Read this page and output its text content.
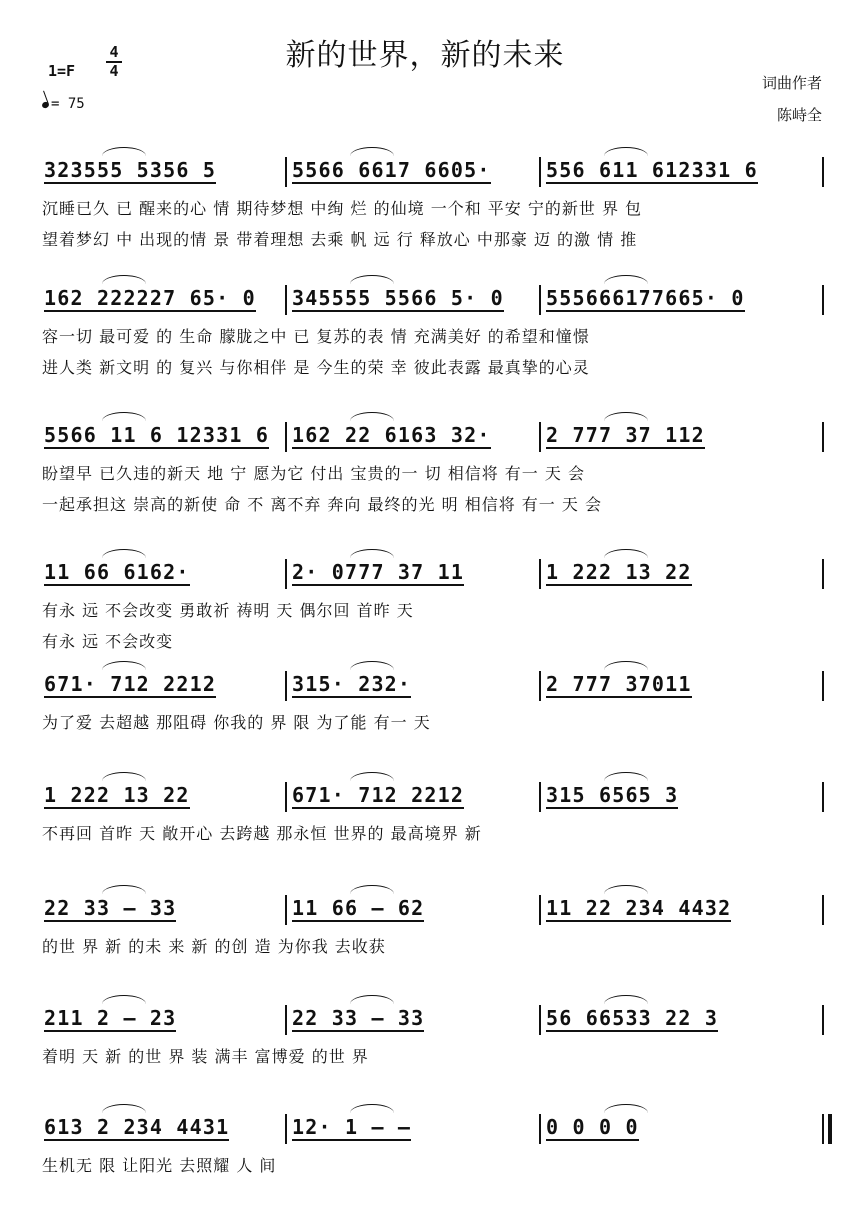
新的世界，新的未来
1=F
4
4
= 75
词曲作者
陈峙全
323555 5356 5	5566 6617 6605·	556 611 612331 6
沉睡已久 已 醒来的心 情 期待梦想 中绚 烂 的仙境 一个和 平安 宁的新世 界 包
望着梦幻 中 出现的情 景 带着理想 去乘 帆 远 行 释放心 中那豪 迈 的激 情 推
162 222227 65· 0	345555 5566 5· 0	555666177665· 0
容一切 最可爱 的 生命 朦胧之中 已 复苏的表 情 充满美好 的希望和憧憬
进人类 新文明 的 复兴 与你相伴 是 今生的荣 幸 彼此表露 最真挚的心灵
5566 11 6 12331 6	162 22 6163 32·	2 777 37 112
盼望早 已久违的新天 地 宁 愿为它 付出 宝贵的一 切 相信将 有一 天 会
一起承担这 崇高的新使 命 不 离不弃 奔向 最终的光 明 相信将 有一 天 会
11 66 6162·	2· 0777 37 11	1 222 13 22
有永 远 不会改变 勇敢祈 祷明 天 偶尔回 首昨 天
有永 远 不会改变
671· 712 2212	315· 232·	2 777 37011
为了爱 去超越 那阻碍 你我的 界 限 为了能 有一 天
1 222 13 22	671· 712 2212	315 6565 3
不再回 首昨 天 敞开心 去跨越 那永恒 世界的 最高境界 新
22 33 — 33	11 66 — 62	11 22 234 4432
的世 界 新 的未 来 新 的创 造 为你我 去收获
211 2 — 23	22 33 — 33	56 66533 22 3
着明 天 新 的世 界 装 满丰 富博爱 的世 界
613 2 234 4431	12· 1 — —	0 0 0 0
生机无 限 让阳光 去照耀 人 间
